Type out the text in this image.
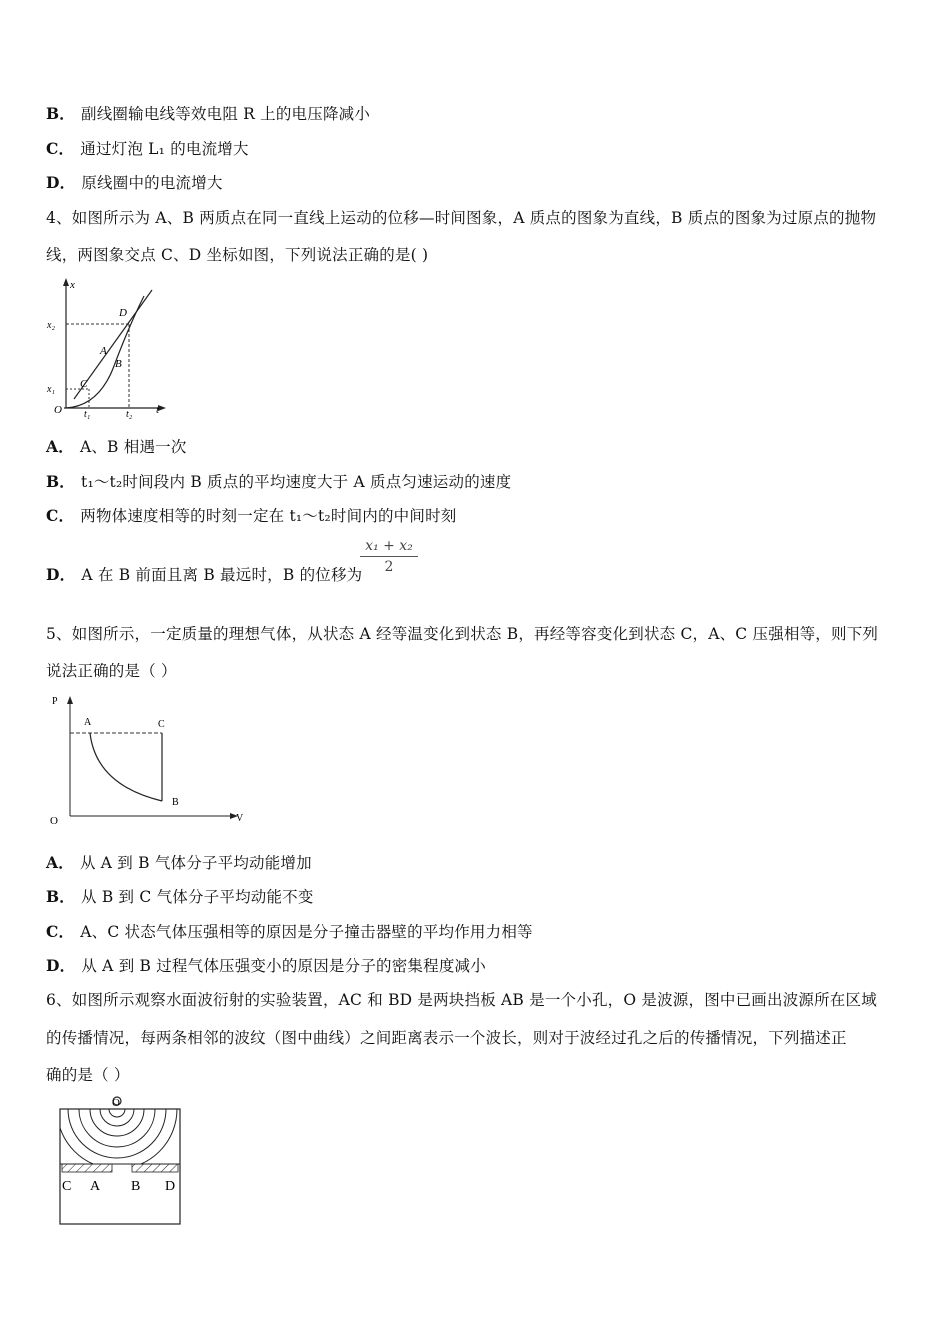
B． 副线圈输电线等效电阻 R 上的电压降减小
C． 通过灯泡 L₁ 的电流增大
D． 原线圈中的电流增大
4、如图所示为 A、B 两质点在同一直线上运动的位移—时间图象，A 质点的图象为直线，B 质点的图象为过原点的抛物
线，两图象交点 C、D 坐标如图，下列说法正确的是( )
x
t
O
x₂
x₁
t₁	t₂
C
D
A
B
A． A、B 相遇一次
B． t₁～t₂时间段内 B 质点的平均速度大于 A 质点匀速运动的速度
C． 两物体速度相等的时刻一定在 t₁～t₂时间内的中间时刻
D． A 在 B 前面且离 B 最远时，B 的位移为
$\frac{\text{x₁ + x₂}}{2}$
5、如图所示，一定质量的理想气体，从状态 A 经等温变化到状态 B，再经等容变化到状态 C，A、C 压强相等，则下列
说法正确的是（ ）
P
V
O
A
B
C
A． 从 A 到 B 气体分子平均动能增加
B． 从 B 到 C 气体分子平均动能不变
C． A、C 状态气体压强相等的原因是分子撞击器壁的平均作用力相等
D． 从 A 到 B 过程气体压强变小的原因是分子的密集程度减小
6、如图所示观察水面波衍射的实验装置，AC 和 BD 是两块挡板 AB 是一个小孔，O 是波源，图中已画出波源所在区域
的传播情况，每两条相邻的波纹（图中曲线）之间距离表示一个波长，则对于波经过孔之后的传播情况，下列描述正
确的是（ ）
O
C A B D
